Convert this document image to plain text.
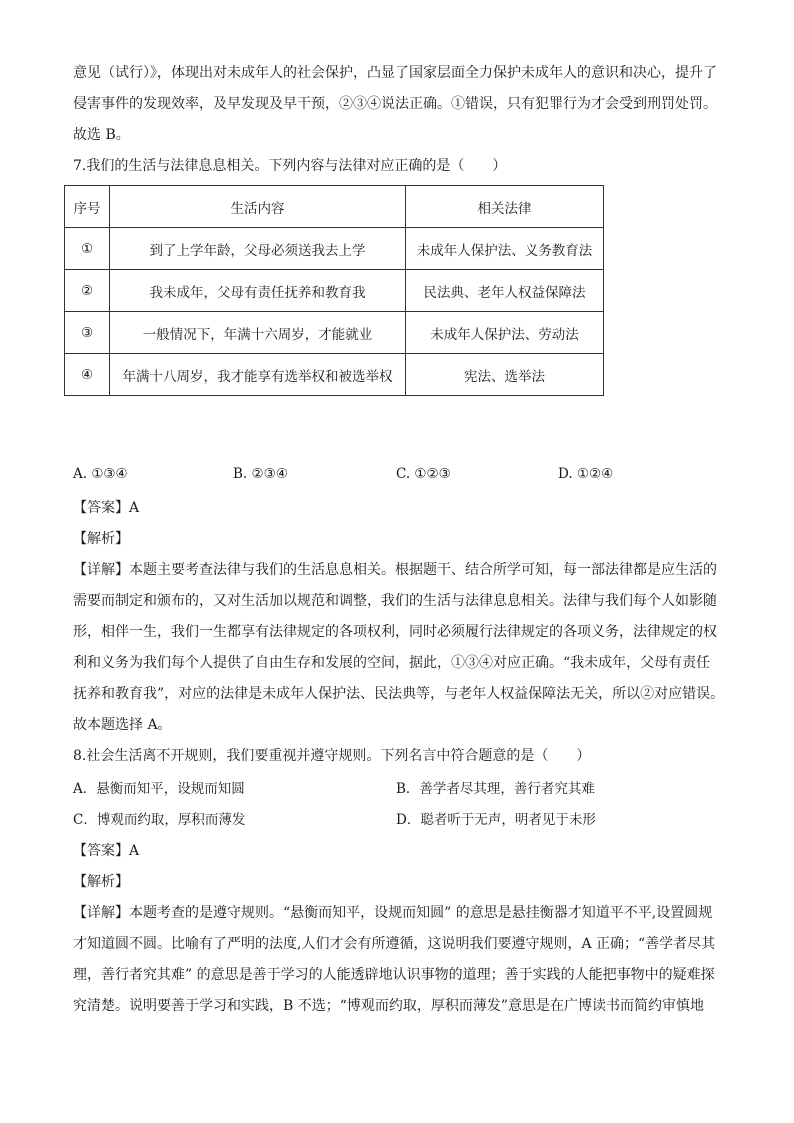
意见（试行）》，体现出对未成年人的社会保护，凸显了国家层面全力保护未成年人的意识和决心，提升了
侵害事件的发现效率，及早发现及早干预，②③④说法正确。①错误，只有犯罪行为才会受到刑罚处罚。
故选 B。
7.我们的生活与法律息息相关。下列内容与法律对应正确的是（　　）
序号	生活内容	相关法律
①	到了上学年龄，父母必须送我去上学	未成年人保护法、义务教育法
②	我未成年，父母有责任抚养和教育我	民法典、老年人权益保障法
③	一般情况下，年满十六周岁，才能就业	未成年人保护法、劳动法
④	年满十八周岁，我才能享有选举权和被选举权	宪法、选举法
A. ①③④	B. ②③④	C. ①②③	D. ①②④
【答案】A
【解析】
【详解】本题主要考查法律与我们的生活息息相关。根据题干、结合所学可知，每一部法律都是应生活的
需要而制定和颁布的，又对生活加以规范和调整，我们的生活与法律息息相关。法律与我们每个人如影随
形，相伴一生，我们一生都享有法律规定的各项权利，同时必须履行法律规定的各项义务，法律规定的权
利和义务为我们每个人提供了自由生存和发展的空间，据此，①③④对应正确。“我未成年，父母有责任
抚养和教育我”，对应的法律是未成年人保护法、民法典等，与老年人权益保障法无关，所以②对应错误。
故本题选择 A。
8.社会生活离不开规则，我们要重视并遵守规则。下列名言中符合题意的是（　　）
A．悬衡而知平，设规而知圆	B．善学者尽其理，善行者究其难
C．博观而约取，厚积而薄发	D．聪者听于无声，明者见于未形
【答案】A
【解析】
【详解】本题考查的是遵守规则。“悬衡而知平，设规而知圆” 的意思是悬挂衡器才知道平不平,设置圆规
才知道圆不圆。比喻有了严明的法度,人们才会有所遵循，这说明我们要遵守规则，A 正确；“善学者尽其
理，善行者究其难” 的意思是善于学习的人能透辟地认识事物的道理；善于实践的人能把事物中的疑难探
究清楚。说明要善于学习和实践，B 不选；“博观而约取，厚积而薄发”意思是在广博读书而简约审慎地
